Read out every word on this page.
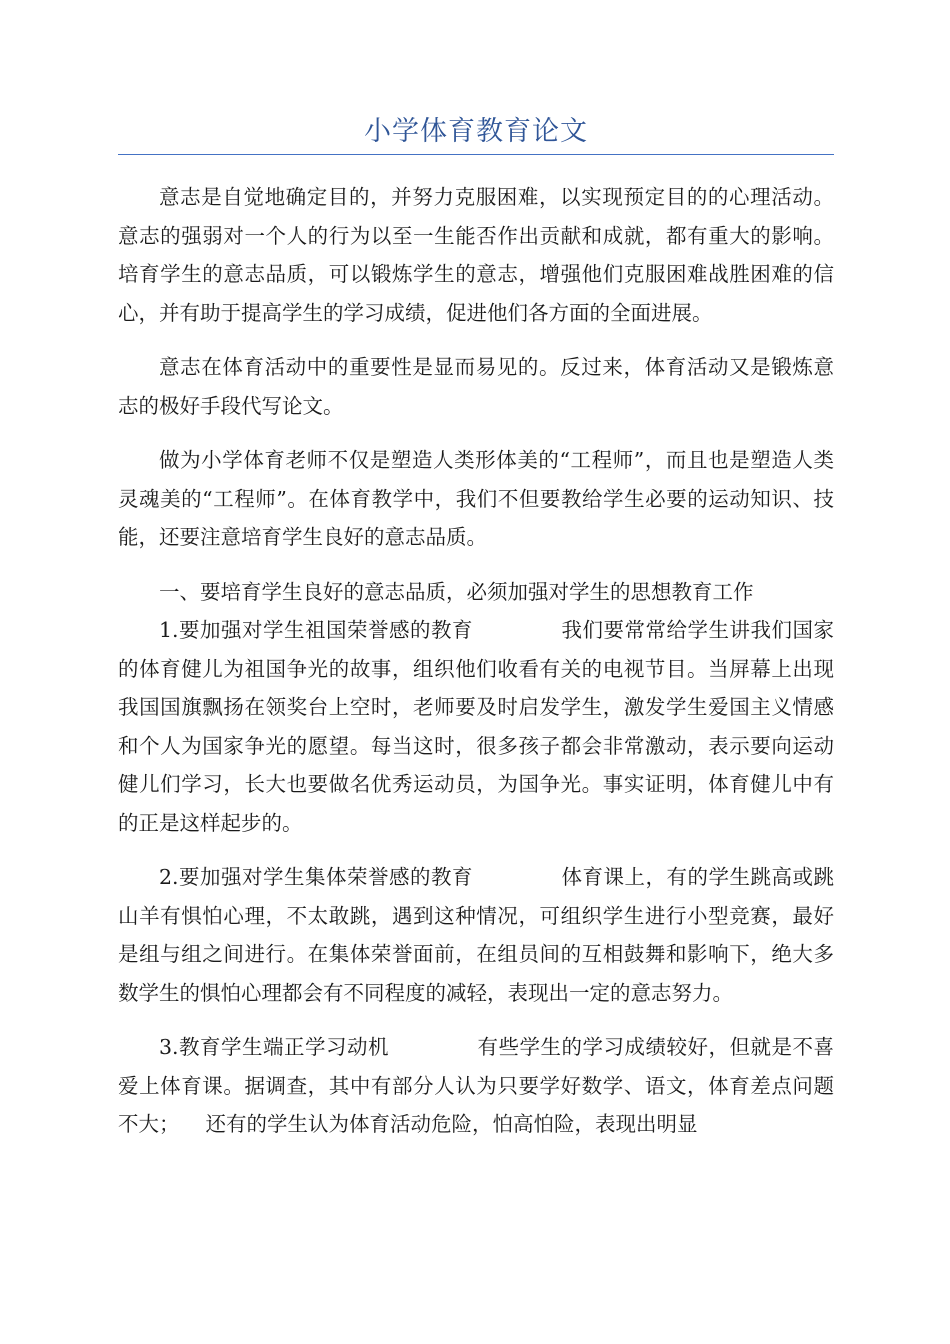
小学体育教育论文

意志是自觉地确定目的，并努力克服困难，以实现预定目的的心理活动。意志的强弱对一个人的行为以至一生能否作出贡献和成就，都有重大的影响。培育学生的意志品质，可以锻炼学生的意志，增强他们克服困难战胜困难的信心，并有助于提高学生的学习成绩，促进他们各方面的全面进展。

意志在体育活动中的重要性是显而易见的。反过来，体育活动又是锻炼意志的极好手段代写论文。

做为小学体育老师不仅是塑造人类形体美的“工程师”，而且也是塑造人类灵魂美的“工程师”。在体育教学中，我们不但要教给学生必要的运动知识、技能，还要注意培育学生良好的意志品质。

一、要培育学生良好的意志品质，必须加强对学生的思想教育工作

1.要加强对学生祖国荣誉感的教育	我们要常常给学生讲我们国家的体育健儿为祖国争光的故事，组织他们收看有关的电视节目。当屏幕上出现我国国旗飘扬在领奖台上空时，老师要及时启发学生，激发学生爱国主义情感和个人为国家争光的愿望。每当这时，很多孩子都会非常激动，表示要向运动健儿们学习，长大也要做名优秀运动员，为国争光。事实证明，体育健儿中有的正是这样起步的。

2.要加强对学生集体荣誉感的教育	体育课上，有的学生跳高或跳山羊有惧怕心理，不太敢跳，遇到这种情况，可组织学生进行小型竞赛，最好是组与组之间进行。在集体荣誉面前，在组员间的互相鼓舞和影响下，绝大多数学生的惧怕心理都会有不同程度的减轻，表现出一定的意志努力。

3.教育学生端正学习动机	有些学生的学习成绩较好，但就是不喜爱上体育课。据调查，其中有部分人认为只要学好数学、语文，体育差点问题不大； 还有的学生认为体育活动危险，怕高怕险，表现出明显
